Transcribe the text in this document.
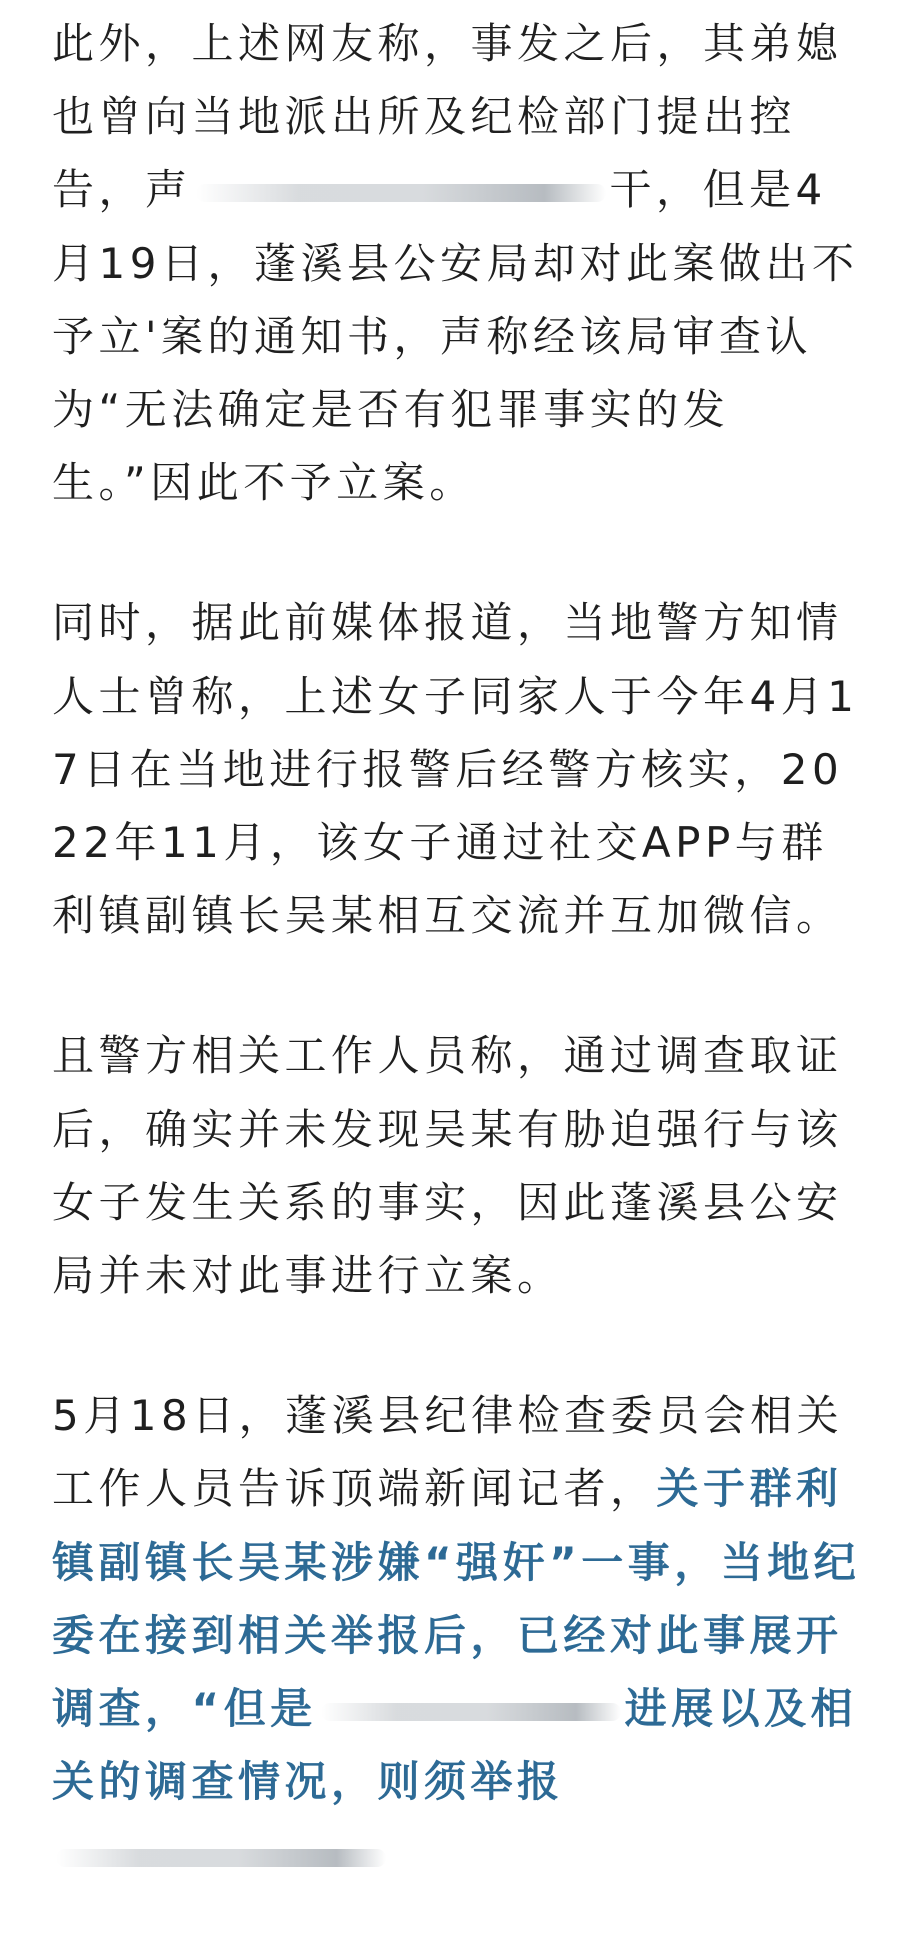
此外，上述网友称，事发之后，其弟媳也曾向当地派出所及纪检部门提出控告，声	干，但是4月19日，蓬溪县公安局却对此案做出不予立'案的通知书，声称经该局审查认为“无法确定是否有犯罪事实的发生。”因此不予立案。

同时，据此前媒体报道，当地警方知情人士曾称，上述女子同家人于今年4月17日在当地进行报警后经警方核实，2022年11月，该女子通过社交APP与群利镇副镇长吴某相互交流并互加微信。

且警方相关工作人员称，通过调查取证后，确实并未发现吴某有胁迫强行与该女子发生关系的事实，因此蓬溪县公安局并未对此事进行立案。

5月18日，蓬溪县纪律检查委员会相关工作人员告诉顶端新闻记者，关于群利镇副镇长吴某涉嫌“强奸”一事，当地纪委在接到相关举报后，已经对此事展开调查，“但是	进展以及相关的调查情况，则须举报
